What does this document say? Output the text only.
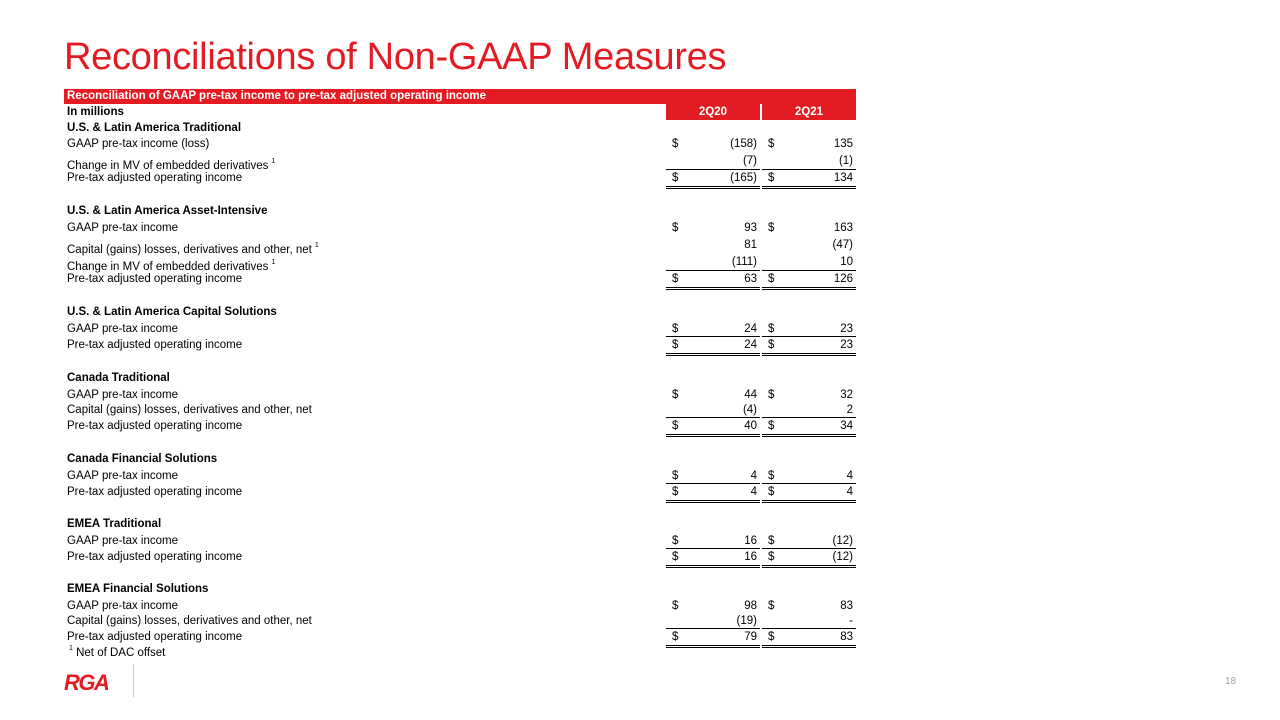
Reconciliations of Non-GAAP Measures
Reconciliation of GAAP pre-tax income to pre-tax adjusted operating income
In millions	2Q20	2Q21
U.S. & Latin America Traditional
GAAP pre-tax income (loss)	$	(158) $	135
Change in MV of embedded derivatives $^1$	(7)	(1)
Pre-tax adjusted operating income	$	(165) $	134
U.S. & Latin America Asset-Intensive
GAAP pre-tax income	$	93 $	163
Capital (gains) losses, derivatives and other, net $^1$	81	(47)
Change in MV of embedded derivatives $^1$	(111)	10
Pre-tax adjusted operating income	$	63 $	126
U.S. & Latin America Capital Solutions
GAAP pre-tax income	$	24 $	23
Pre-tax adjusted operating income	$	24 $	23
Canada Traditional
GAAP pre-tax income	$	44 $	32
Capital (gains) losses, derivatives and other, net	(4)	2
Pre-tax adjusted operating income	$	40 $	34
Canada Financial Solutions
GAAP pre-tax income	$	4 $	4
Pre-tax adjusted operating income	$	4 $	4
EMEA Traditional
GAAP pre-tax income	$	16 $	(12)
Pre-tax adjusted operating income	$	16 $	(12)
EMEA Financial Solutions
GAAP pre-tax income	$	98 $	83
Capital (gains) losses, derivatives and other, net	(19)	-
Pre-tax adjusted operating income	$	79 $	83
$^1$ Net of DAC offset
RGA	18
